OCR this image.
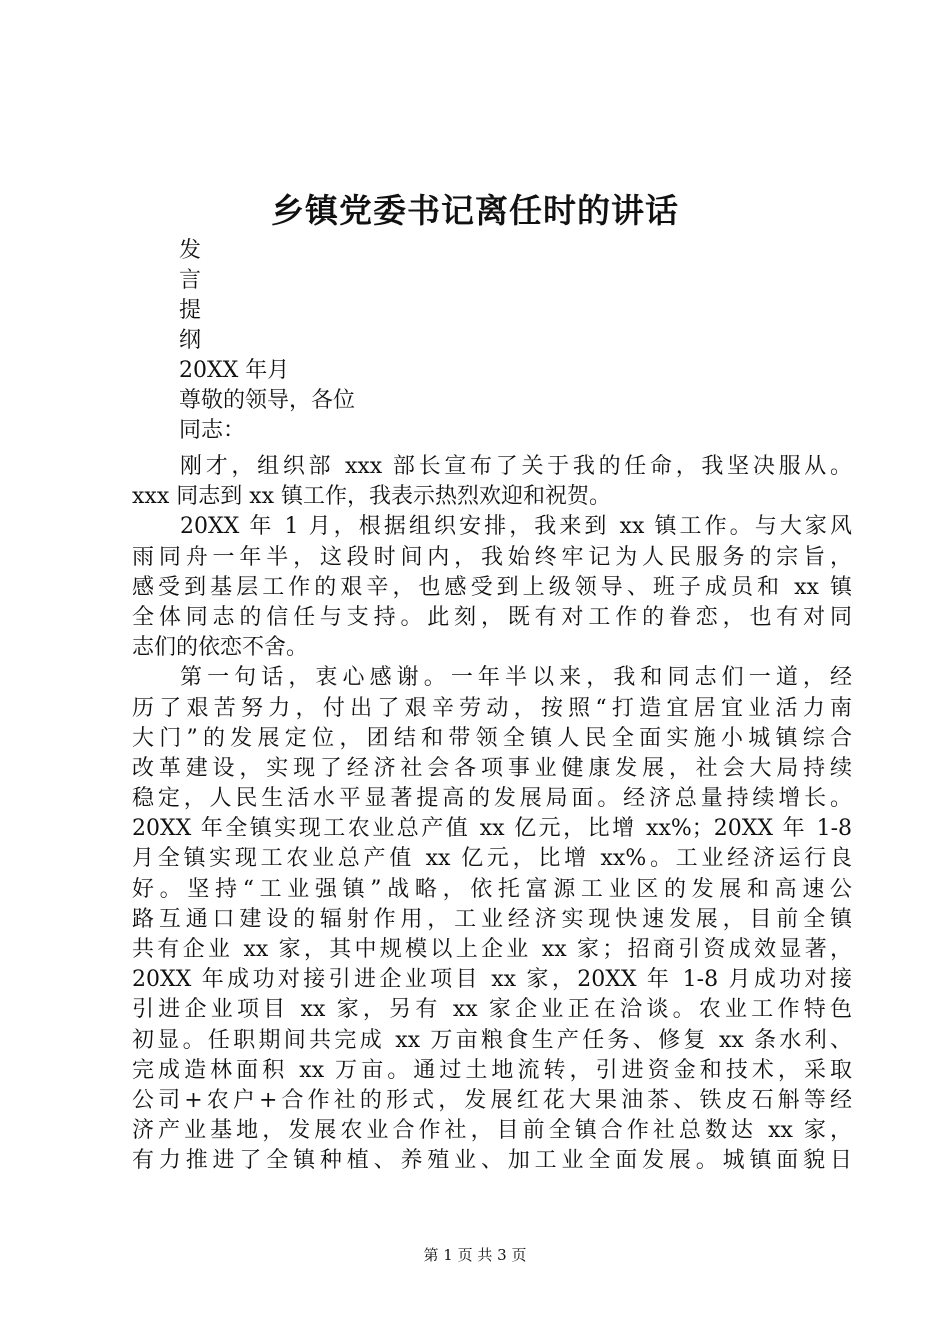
乡镇党委书记离任时的讲话
发
言
提
纲
20XX 年月
尊敬的领导，各位
同志：
刚才，组织部 xxx 部长宣布了关于我的任命，我坚决服从。
xxx 同志到 xx 镇工作，我表示热烈欢迎和祝贺。
20XX 年 1 月，根据组织安排，我来到 xx 镇工作。与大家风
雨同舟一年半，这段时间内，我始终牢记为人民服务的宗旨，
感受到基层工作的艰辛，也感受到上级领导、班子成员和 xx 镇
全体同志的信任与支持。此刻，既有对工作的眷恋，也有对同
志们的依恋不舍。
第一句话，衷心感谢。一年半以来，我和同志们一道，经
历了艰苦努力，付出了艰辛劳动，按照“打造宜居宜业活力南
大门”的发展定位，团结和带领全镇人民全面实施小城镇综合
改革建设，实现了经济社会各项事业健康发展，社会大局持续
稳定，人民生活水平显著提高的发展局面。经济总量持续增长。
20XX 年全镇实现工农业总产值 xx 亿元，比增 xx%；20XX 年 1-8
月全镇实现工农业总产值 xx 亿元，比增 xx%。工业经济运行良
好。坚持“工业强镇”战略，依托富源工业区的发展和高速公
路互通口建设的辐射作用，工业经济实现快速发展，目前全镇
共有企业 xx 家，其中规模以上企业 xx 家；招商引资成效显著，
20XX 年成功对接引进企业项目 xx 家，20XX 年 1-8 月成功对接
引进企业项目 xx 家，另有 xx 家企业正在洽谈。农业工作特色
初显。任职期间共完成 xx 万亩粮食生产任务、修复 xx 条水利、
完成造林面积 xx 万亩。通过土地流转，引进资金和技术，采取
公司+农户+合作社的形式，发展红花大果油茶、铁皮石斛等经
济产业基地，发展农业合作社，目前全镇合作社总数达 xx 家，
有力推进了全镇种植、养殖业、加工业全面发展。城镇面貌日
第 1 页 共 3 页
